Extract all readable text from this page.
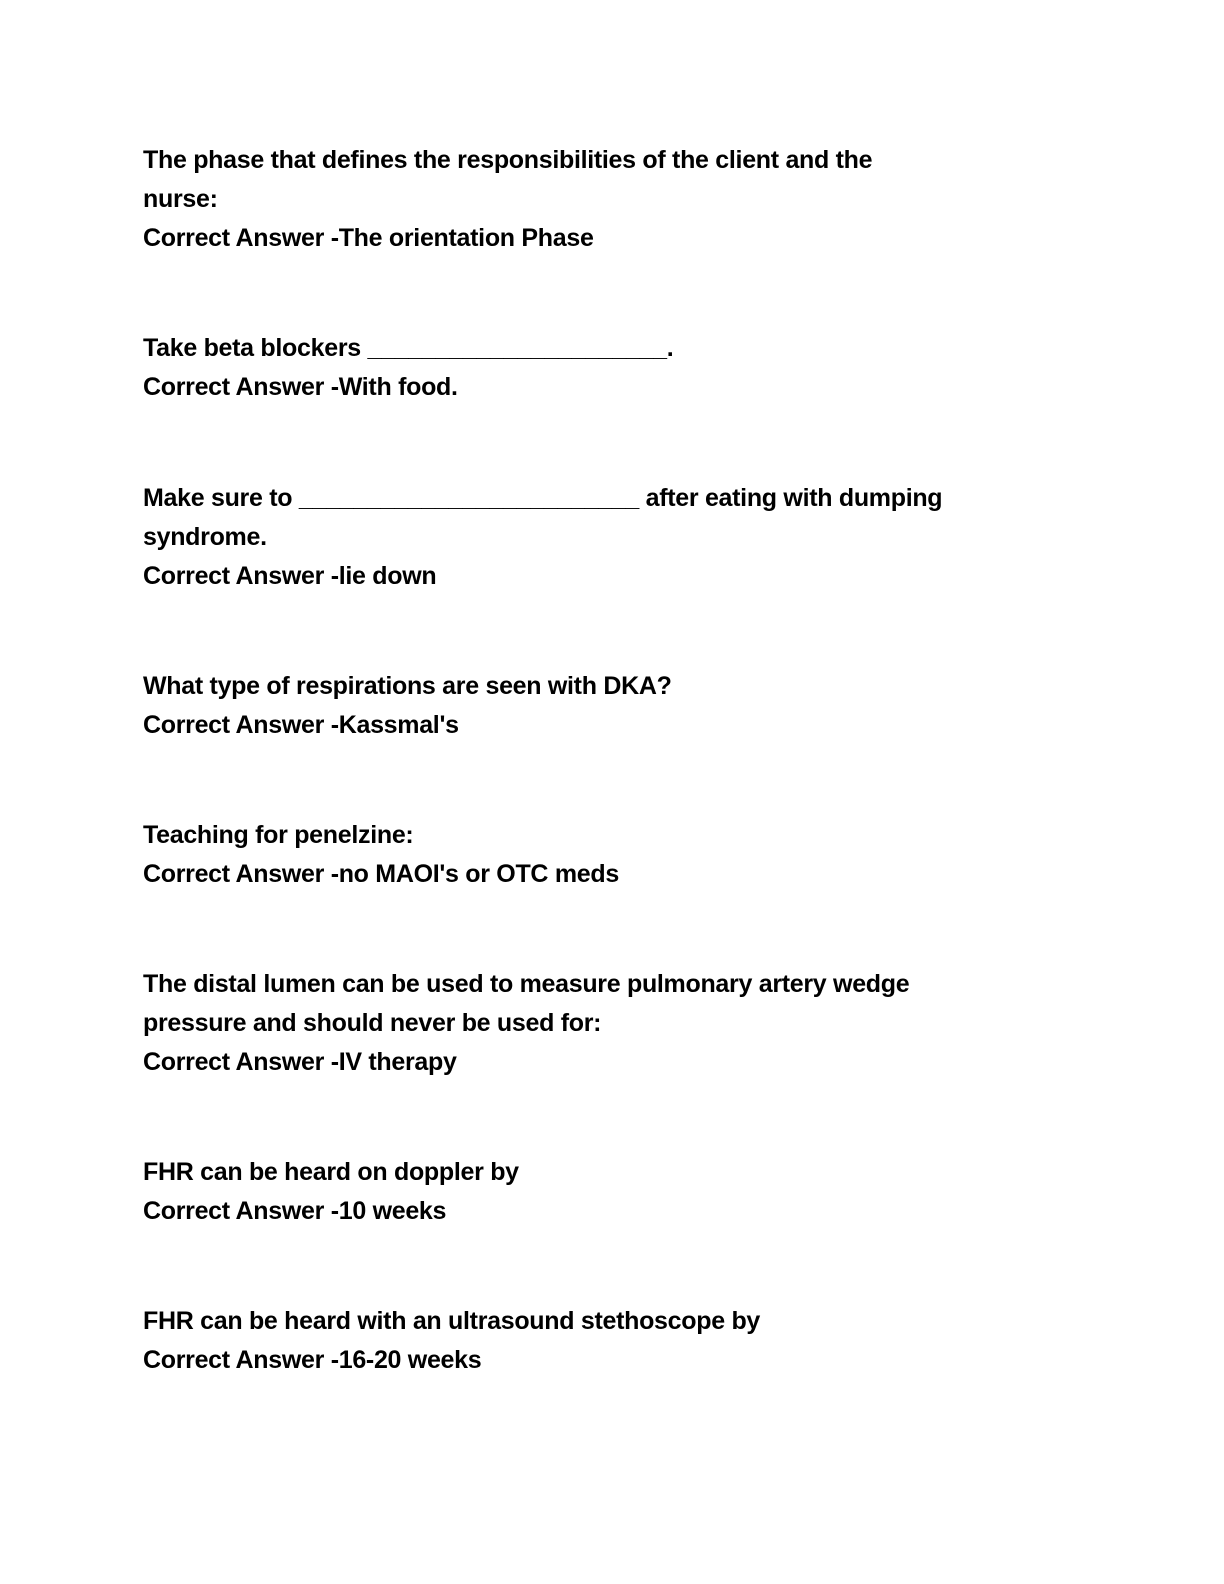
The phase that defines the responsibilities of the client and the
nurse:
Correct Answer -The orientation Phase
Take beta blockers ______________________.
Correct Answer -With food.
Make sure to _________________________ after eating with dumping
syndrome.
Correct Answer -lie down
What type of respirations are seen with DKA?
Correct Answer -Kassmal's
Teaching for penelzine:
Correct Answer -no MAOI's or OTC meds
The distal lumen can be used to measure pulmonary artery wedge
pressure and should never be used for:
Correct Answer -IV therapy
FHR can be heard on doppler by
Correct Answer -10 weeks
FHR can be heard with an ultrasound stethoscope by
Correct Answer -16-20 weeks
